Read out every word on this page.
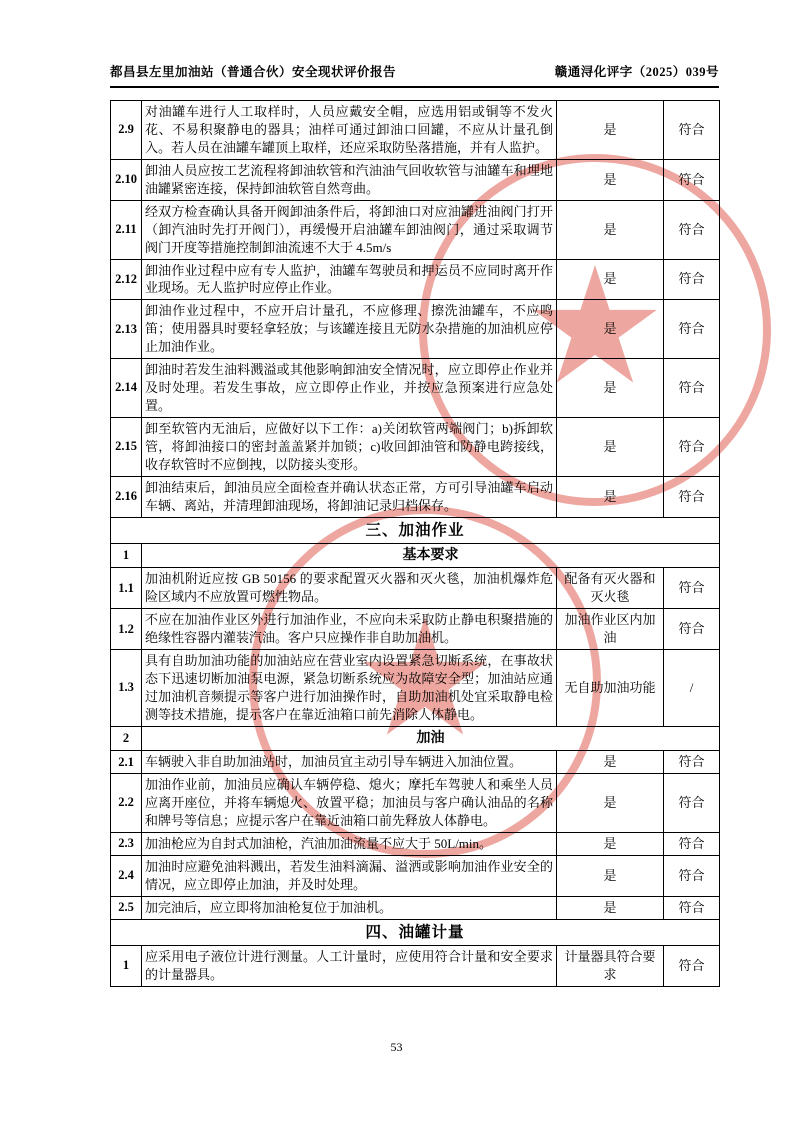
都昌县左里加油站（普通合伙）安全现状评价报告	赣通浔化评字（2025）039号
2.9	对油罐车进行人工取样时，人员应戴安全帽，应选用铝或铜等不发火花、不易积聚静电的器具；油样可通过卸油口回罐，不应从计量孔倒入。若人员在油罐车罐顶上取样，还应采取防坠落措施，并有人监护。	是	符合
2.10	卸油人员应按工艺流程将卸油软管和汽油油气回收软管与油罐车和埋地油罐紧密连接，保持卸油软管自然弯曲。	是	符合
2.11	经双方检查确认具备开阀卸油条件后，将卸油口对应油罐进油阀门打开（卸汽油时先打开阀门），再缓慢开启油罐车卸油阀门，通过采取调节阀门开度等措施控制卸油流速不大于 4.5m/s	是	符合
2.12	卸油作业过程中应有专人监护，油罐车驾驶员和押运员不应同时离开作业现场。无人监护时应停止作业。	是	符合
2.13	卸油作业过程中，不应开启计量孔，不应修理、擦洗油罐车，不应鸣笛；使用器具时要轻拿轻放；与该罐连接且无防水杂措施的加油机应停止加油作业。	是	符合
2.14	卸油时若发生油料溅溢或其他影响卸油安全情况时，应立即停止作业并及时处理。若发生事故，应立即停止作业，并按应急预案进行应急处置。	是	符合
2.15	卸至软管内无油后，应做好以下工作：a)关闭软管两端阀门；b)拆卸软管，将卸油接口的密封盖盖紧并加锁；c)收回卸油管和防静电跨接线，收存软管时不应倒拽，以防接头变形。	是	符合
2.16	卸油结束后，卸油员应全面检查并确认状态正常，方可引导油罐车启动车辆、离站，并清理卸油现场，将卸油记录归档保存。	是	符合
三、加油作业			
1	基本要求		
1.1	加油机附近应按 GB 50156 的要求配置灭火器和灭火毯，加油机爆炸危险区域内不应放置可燃性物品。	配备有灭火器和灭火毯	符合
1.2	不应在加油作业区外进行加油作业，不应向未采取防止静电积聚措施的绝缘性容器内灌装汽油。客户只应操作非自助加油机。	加油作业区内加油	符合
1.3	具有自助加油功能的加油站应在营业室内设置紧急切断系统，在事故状态下迅速切断加油泵电源，紧急切断系统应为故障安全型；加油站应通过加油机音频提示等客户进行加油操作时，自助加油机处宜采取静电检测等技术措施，提示客户在靠近油箱口前先消除人体静电。	无自助加油功能	/
2	加油		
2.1	车辆驶入非自助加油站时，加油员宜主动引导车辆进入加油位置。	是	符合
2.2	加油作业前，加油员应确认车辆停稳、熄火；摩托车驾驶人和乘坐人员应离开座位，并将车辆熄火、放置平稳；加油员与客户确认油品的名称和牌号等信息；应提示客户在靠近油箱口前先释放人体静电。	是	符合
2.3	加油枪应为自封式加油枪，汽油加油流量不应大于 50L/min。	是	符合
2.4	加油时应避免油料溅出，若发生油料滴漏、溢洒或影响加油作业安全的情况，应立即停止加油，并及时处理。	是	符合
2.5	加完油后，应立即将加油枪复位于加油机。	是	符合
四、油罐计量			
1	应采用电子液位计进行测量。人工计量时，应使用符合计量和安全要求的计量器具。	计量器具符合要求	符合
53
